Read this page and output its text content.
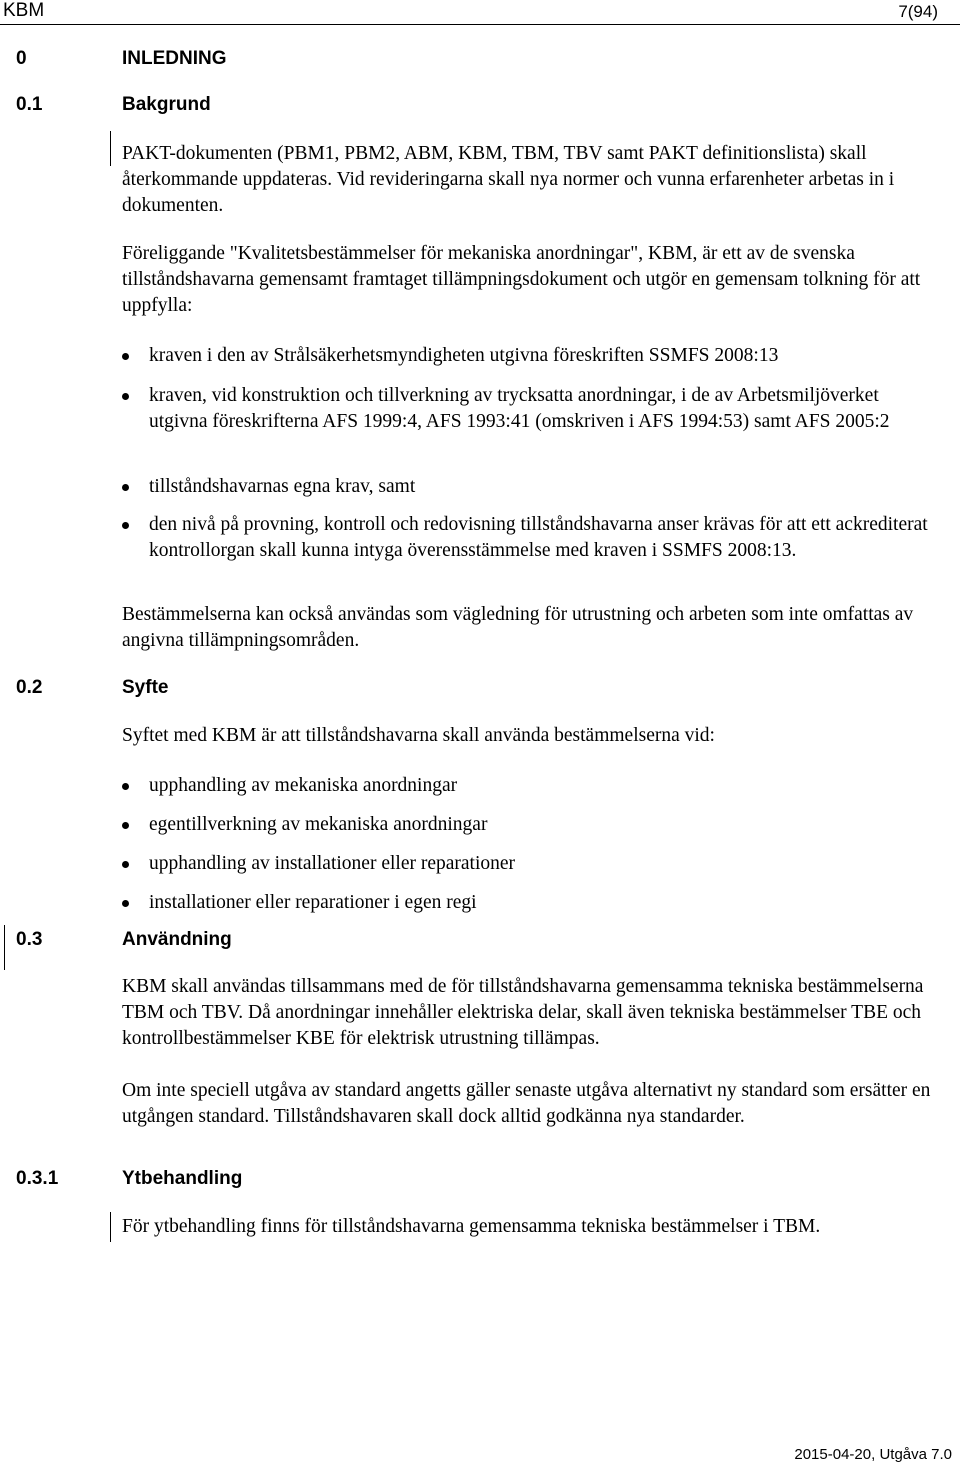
KBM	7(94)
0	INLEDNING
0.1	Bakgrund

PAKT-dokumenten (PBM1, PBM2, ABM, KBM, TBM, TBV samt PAKT definitionslista) skall återkommande uppdateras. Vid revideringarna skall nya normer och vunna erfarenheter arbetas in i dokumenten.

Föreliggande "Kvalitetsbestämmelser för mekaniska anordningar", KBM, är ett av de svenska tillståndshavarna gemensamt framtaget tillämpningsdokument och utgör en gemensam tolkning för att uppfylla:

kraven i den av Strålsäkerhetsmyndigheten utgivna föreskriften SSMFS 2008:13
kraven, vid konstruktion och tillverkning av trycksatta anordningar, i de av Arbetsmiljöverket utgivna föreskrifterna AFS 1999:4, AFS 1993:41 (omskriven i AFS 1994:53) samt AFS 2005:2
tillståndshavarnas egna krav, samt
den nivå på provning, kontroll och redovisning tillståndshavarna anser krävas för att ett ackrediterat kontrollorgan skall kunna intyga överensstämmelse med kraven i SSMFS 2008:13.

Bestämmelserna kan också användas som vägledning för utrustning och arbeten som inte omfattas av angivna tillämpningsområden.

0.2	Syfte

Syftet med KBM är att tillståndshavarna skall använda bestämmelserna vid:

upphandling av mekaniska anordningar
egentillverkning av mekaniska anordningar
upphandling av installationer eller reparationer
installationer eller reparationer i egen regi
0.3	Användning

KBM skall användas tillsammans med de för tillståndshavarna gemensamma tekniska bestämmelserna TBM och TBV. Då anordningar innehåller elektriska delar, skall även tekniska bestämmelser TBE och kontrollbestämmelser KBE för elektrisk utrustning tillämpas.

Om inte speciell utgåva av standard angetts gäller senaste utgåva alternativt ny standard som ersätter en utgången standard. Tillståndshavaren skall dock alltid godkänna nya standarder.

0.3.1	Ytbehandling

För ytbehandling finns för tillståndshavarna gemensamma tekniska bestämmelser i TBM.

2015-04-20, Utgåva 7.0
